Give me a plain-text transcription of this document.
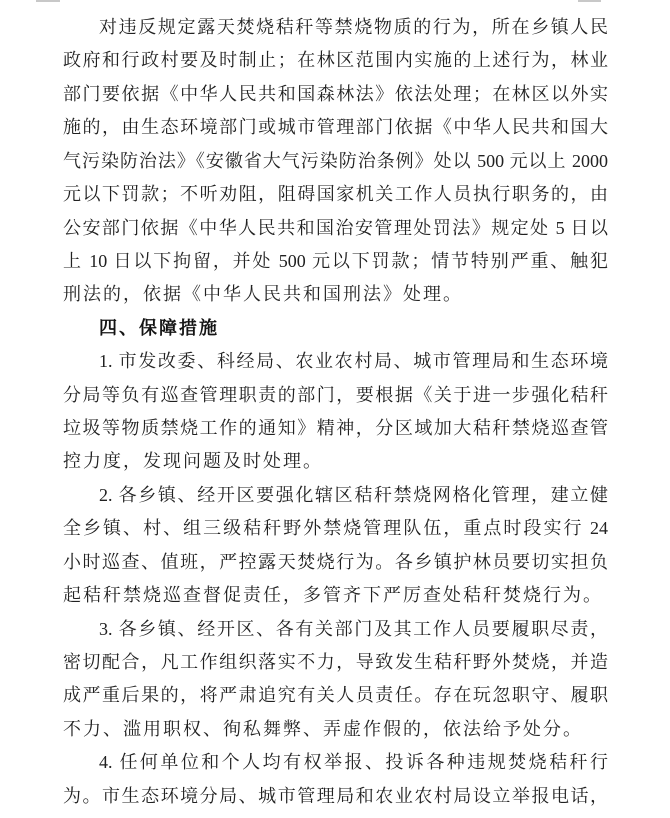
对违反规定露天焚烧秸秆等禁烧物质的行为，所在乡镇人民
政府和行政村要及时制止；在林区范围内实施的上述行为，林业
部门要依据《中华人民共和国森林法》依法处理；在林区以外实
施的，由生态环境部门或城市管理部门依据《中华人民共和国大
气污染防治法》《安徽省大气污染防治条例》处以 500 元以上 2000
元以下罚款；不听劝阻，阻碍国家机关工作人员执行职务的，由
公安部门依据《中华人民共和国治安管理处罚法》规定处 5 日以
上 10 日以下拘留，并处 500 元以下罚款；情节特别严重、触犯
刑法的，依据《中华人民共和国刑法》处理。
四、保障措施
1. 市发改委、科经局、农业农村局、城市管理局和生态环境
分局等负有巡查管理职责的部门，要根据《关于进一步强化秸秆
垃圾等物质禁烧工作的通知》精神，分区域加大秸秆禁烧巡查管
控力度，发现问题及时处理。
2. 各乡镇、经开区要强化辖区秸秆禁烧网格化管理，建立健
全乡镇、村、组三级秸秆野外禁烧管理队伍，重点时段实行 24
小时巡查、值班，严控露天焚烧行为。各乡镇护林员要切实担负
起秸秆禁烧巡查督促责任，多管齐下严厉查处秸秆焚烧行为。
3. 各乡镇、经开区、各有关部门及其工作人员要履职尽责，
密切配合，凡工作组织落实不力，导致发生秸秆野外焚烧，并造
成严重后果的，将严肃追究有关人员责任。存在玩忽职守、履职
不力、滥用职权、徇私舞弊、弄虚作假的，依法给予处分。
4. 任何单位和个人均有权举报、投诉各种违规焚烧秸秆行
为。市生态环境分局、城市管理局和农业农村局设立举报电话，
